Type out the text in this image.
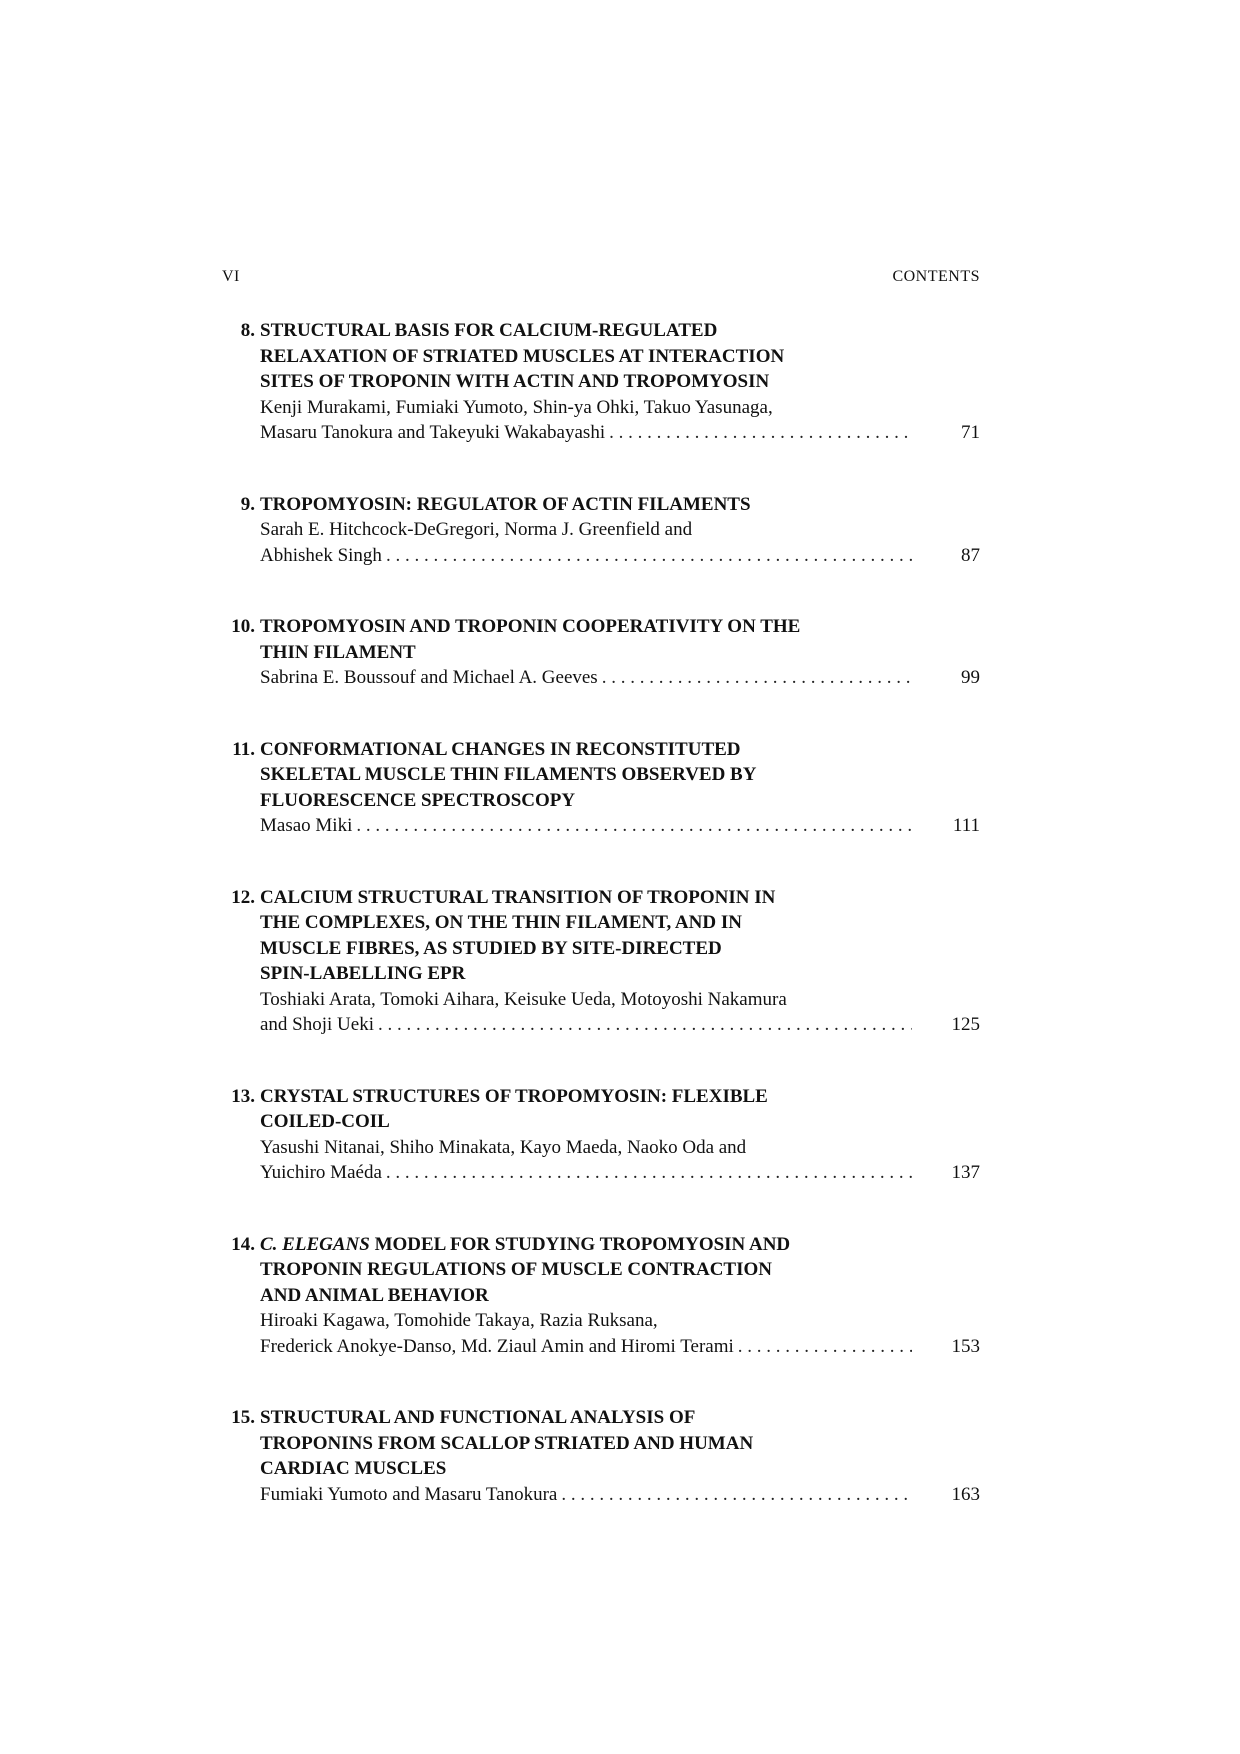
VI	CONTENTS
8. STRUCTURAL BASIS FOR CALCIUM-REGULATED
RELAXATION OF STRIATED MUSCLES AT INTERACTION
SITES OF TROPONIN WITH ACTIN AND TROPOMYOSIN
Kenji Murakami, Fumiaki Yumoto, Shin-ya Ohki, Takuo Yasunaga,
Masaru Tanokura and Takeyuki Wakabayashi . . .	71
9. TROPOMYOSIN: REGULATOR OF ACTIN FILAMENTS
Sarah E. Hitchcock-DeGregori, Norma J. Greenfield and
Abhishek Singh . . .	87
10. TROPOMYOSIN AND TROPONIN COOPERATIVITY ON THE
THIN FILAMENT
Sabrina E. Boussouf and Michael A. Geeves . . .	99
11. CONFORMATIONAL CHANGES IN RECONSTITUTED
SKELETAL MUSCLE THIN FILAMENTS OBSERVED BY
FLUORESCENCE SPECTROSCOPY
Masao Miki . . .	111
12. CALCIUM STRUCTURAL TRANSITION OF TROPONIN IN
THE COMPLEXES, ON THE THIN FILAMENT, AND IN
MUSCLE FIBRES, AS STUDIED BY SITE-DIRECTED
SPIN-LABELLING EPR
Toshiaki Arata, Tomoki Aihara, Keisuke Ueda, Motoyoshi Nakamura
and Shoji Ueki . . .	125
13. CRYSTAL STRUCTURES OF TROPOMYOSIN: FLEXIBLE
COILED-COIL
Yasushi Nitanai, Shiho Minakata, Kayo Maeda, Naoko Oda and
Yuichiro Maéda . . .	137
14. C. ELEGANS MODEL FOR STUDYING TROPOMYOSIN AND
TROPONIN REGULATIONS OF MUSCLE CONTRACTION
AND ANIMAL BEHAVIOR
Hiroaki Kagawa, Tomohide Takaya, Razia Ruksana,
Frederick Anokye-Danso, Md. Ziaul Amin and Hiromi Terami . . .	153
15. STRUCTURAL AND FUNCTIONAL ANALYSIS OF
TROPONINS FROM SCALLOP STRIATED AND HUMAN
CARDIAC MUSCLES
Fumiaki Yumoto and Masaru Tanokura . . .	163
